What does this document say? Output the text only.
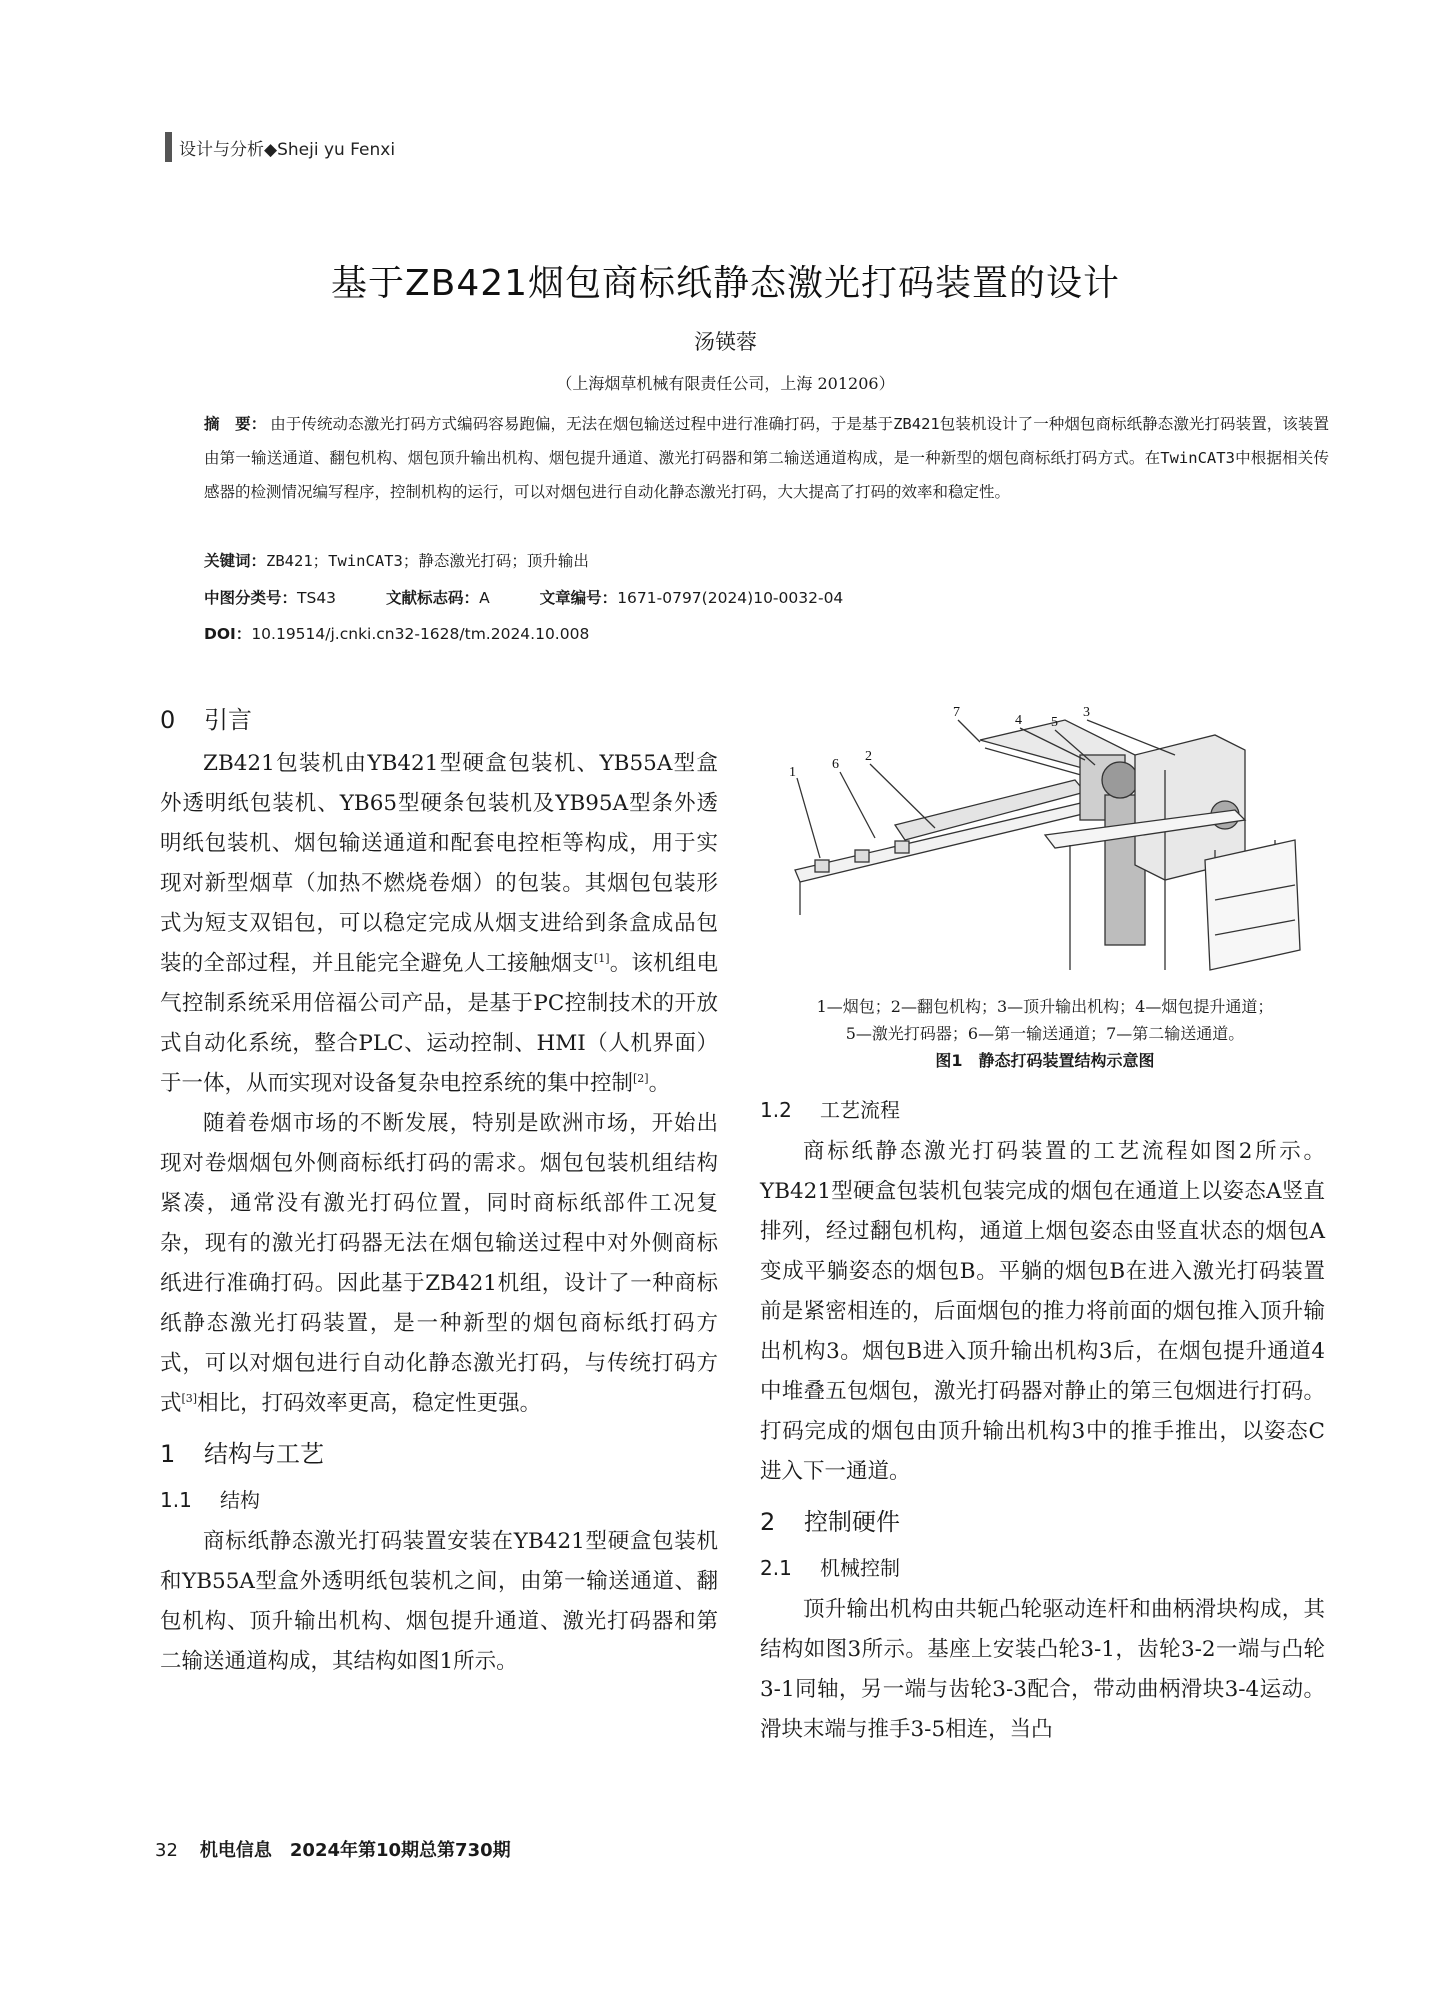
设计与分析◆Sheji yu Fenxi
基于ZB421烟包商标纸静态激光打码装置的设计
汤锳蓉
（上海烟草机械有限责任公司，上海 201206）
摘　要： 由于传统动态激光打码方式编码容易跑偏，无法在烟包输送过程中进行准确打码，于是基于ZB421包装机设计了一种烟包商标纸静态激光打码装置，该装置由第一输送通道、翻包机构、烟包顶升输出机构、烟包提升通道、激光打码器和第二输送通道构成，是一种新型的烟包商标纸打码方式。在TwinCAT3中根据相关传感器的检测情况编写程序，控制机构的运行，可以对烟包进行自动化静态激光打码，大大提高了打码的效率和稳定性。
关键词：ZB421；TwinCAT3；静态激光打码；顶升输出
中图分类号：TS43	文献标志码：A	文章编号：1671-0797(2024)10-0032-04
DOI：10.19514/j.cnki.cn32-1628/tm.2024.10.008
0 引言

ZB421包装机由YB421型硬盒包装机、YB55A型盒外透明纸包装机、YB65型硬条包装机及YB95A型条外透明纸包装机、烟包输送通道和配套电控柜等构成，用于实现对新型烟草（加热不燃烧卷烟）的包装。其烟包包装形式为短支双铝包，可以稳定完成从烟支进给到条盒成品包装的全部过程，并且能完全避免人工接触烟支[1]。该机组电气控制系统采用倍福公司产品，是基于PC控制技术的开放式自动化系统，整合PLC、运动控制、HMI（人机界面）于一体，从而实现对设备复杂电控系统的集中控制[2]。

随着卷烟市场的不断发展，特别是欧洲市场，开始出现对卷烟烟包外侧商标纸打码的需求。烟包包装机组结构紧凑，通常没有激光打码位置，同时商标纸部件工况复杂，现有的激光打码器无法在烟包输送过程中对外侧商标纸进行准确打码。因此基于ZB421机组，设计了一种商标纸静态激光打码装置，是一种新型的烟包商标纸打码方式，可以对烟包进行自动化静态激光打码，与传统打码方式[3]相比，打码效率更高，稳定性更强。

1 结构与工艺
1.1 结构

商标纸静态激光打码装置安装在YB421型硬盒包装机和YB55A型盒外透明纸包装机之间，由第一输送通道、翻包机构、顶升输出机构、烟包提升通道、激光打码器和第二输送通道构成，其结构如图1所示。

1
6
2
7
4 5
3
1—烟包；2—翻包机构；3—顶升输出机构；4—烟包提升通道；
5—激光打码器；6—第一输送通道；7—第二输送通道。
图1　静态打码装置结构示意图
1.2 工艺流程

商标纸静态激光打码装置的工艺流程如图2所示。YB421型硬盒包装机包装完成的烟包在通道上以姿态A竖直排列，经过翻包机构，通道上烟包姿态由竖直状态的烟包A变成平躺姿态的烟包B。平躺的烟包B在进入激光打码装置前是紧密相连的，后面烟包的推力将前面的烟包推入顶升输出机构3。烟包B进入顶升输出机构3后，在烟包提升通道4中堆叠五包烟包，激光打码器对静止的第三包烟进行打码。打码完成的烟包由顶升输出机构3中的推手推出，以姿态C进入下一通道。

2 控制硬件
2.1 机械控制

顶升输出机构由共轭凸轮驱动连杆和曲柄滑块构成，其结构如图3所示。基座上安装凸轮3-1，齿轮3-2一端与凸轮3-1同轴，另一端与齿轮3-3配合，带动曲柄滑块3-4运动。滑块末端与推手3-5相连，当凸

32 机电信息　2024年第10期总第730期
